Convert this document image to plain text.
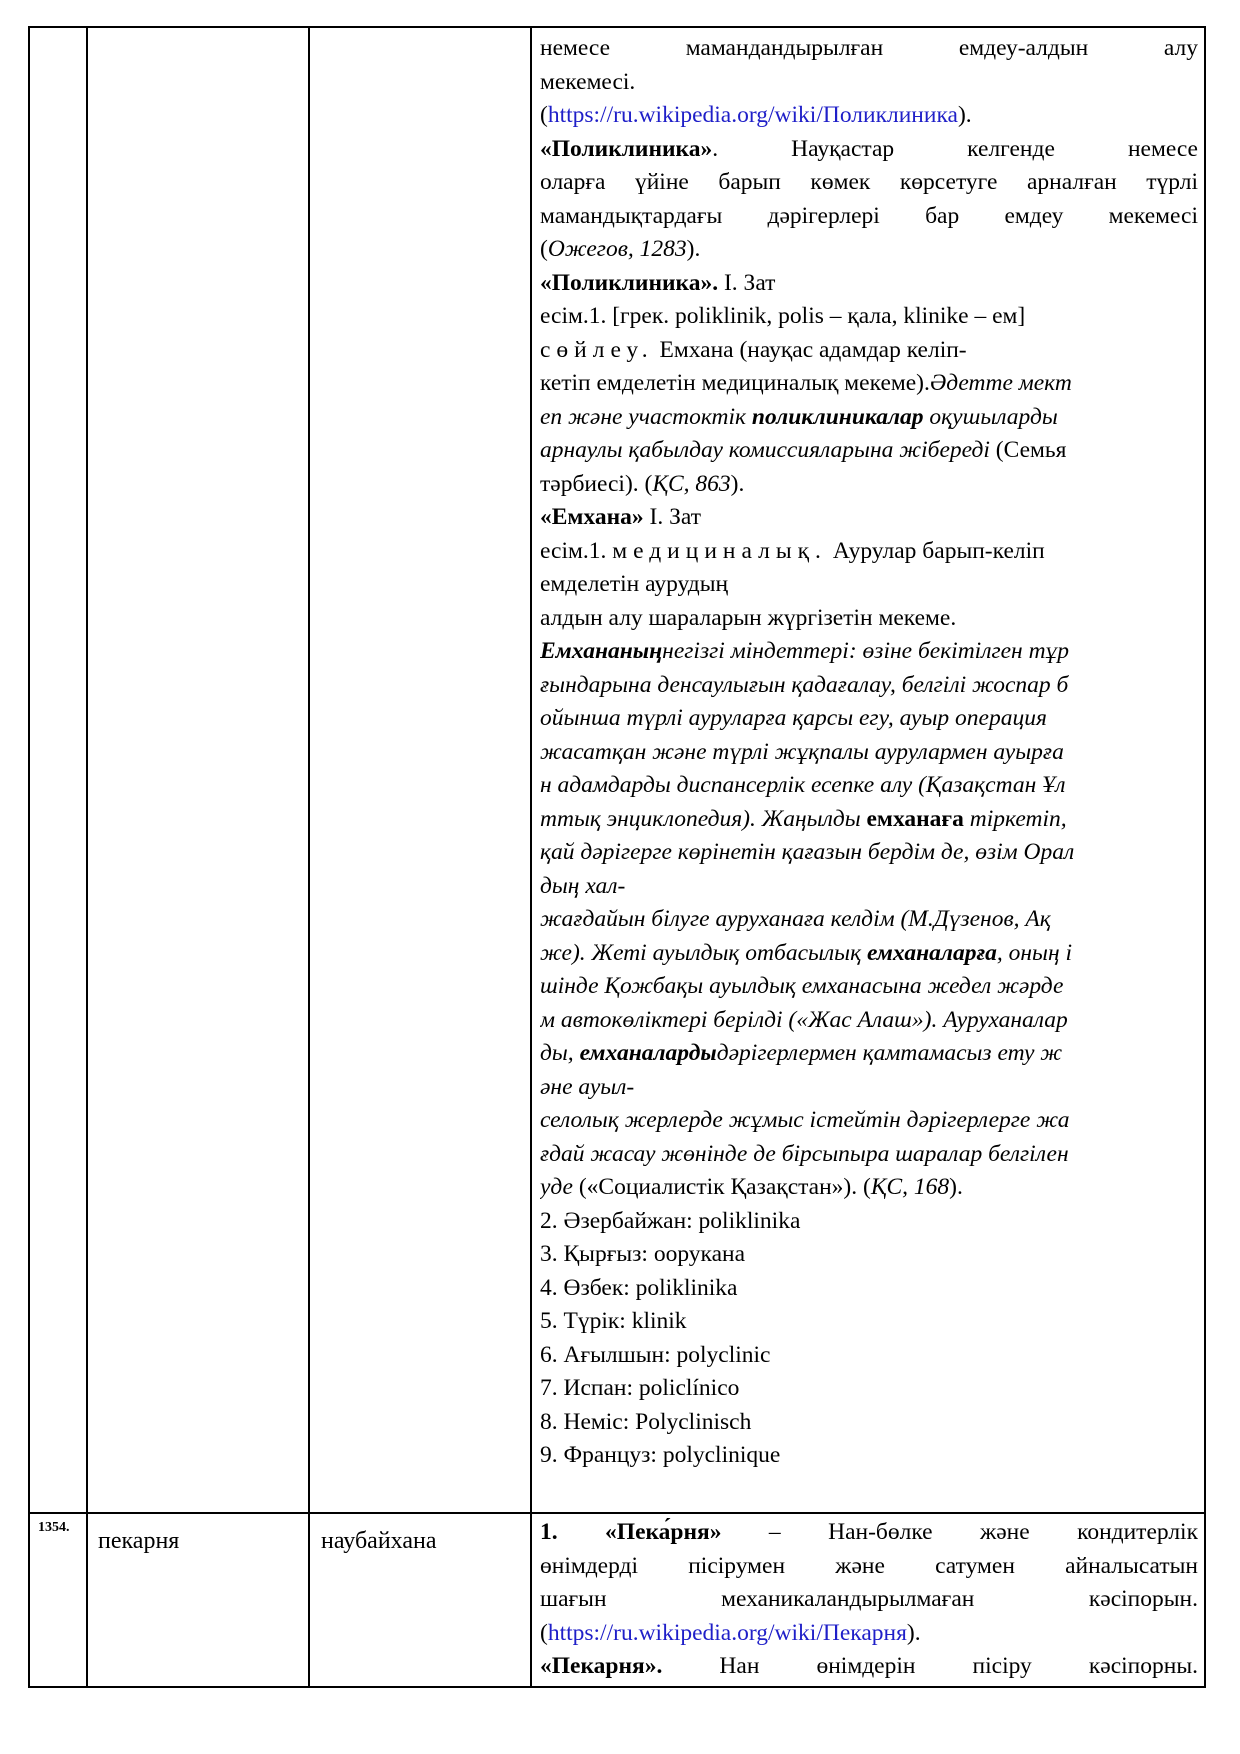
немесе мамандандырылған емдеу-алдын алу
мекемесі.
(https://ru.wikipedia.org/wiki/Поликлиника).
«Поликлиника». Науқастар келгенде немесе
оларға үйіне барып көмек көрсетуге арналған түрлі
мамандықтардағы дәрігерлері бар емдеу мекемесі
(Ожегов, 1283).
«Поликлиника». І. Зат
есім.1. [грек. poliklinik, polis – қала, klinike – ем]
сөйлеу. Емхана (науқас адамдар келіп-
кетіп емделетін медициналық мекеме).Әдетте мект
еп және участоктік поликлиникалар оқушыларды
арнаулы қабылдау комиссияларына жібереді (Семья
тәрбиесі). (ҚС, 863).
«Емхана» І. Зат
есім.1. медициналық. Аурулар барып-келіп
емделетін аурудың
алдын алу шараларын жүргізетін мекеме.
Емхананыңнегізгі міндеттері: өзіне бекітілген тұр
ғындарына денсаулығын қадағалау, белгілі жоспар б
ойынша түрлі ауруларға қарсы егу, ауыр операция
жасатқан және түрлі жұқпалы аурулармен ауырға
н адамдарды диспансерлік есепке алу (Қазақстан Ұл
ттық энциклопедия). Жаңылды емханаға тіркетіп,
қай дәрігерге көрінетін қағазын бердім де, өзім Орал
дың хал-
жағдайын білуге ауруханаға келдім (М.Дүзенов, Ақ
же). Жеті ауылдық отбасылық емханаларға, оның і
шінде Қожбақы ауылдық емханасына жедел жәрде
м автокөліктері берілді («Жас Алаш»). Ауруханалар
ды, емханалардыдәрігерлермен қамтамасыз ету ж
әне ауыл-
селолық жерлерде жұмыс істейтін дәрігерлерге жа
ғдай жасау жөнінде де бірсыпыра шаралар белгілен
уде («Социалистік Қазақстан»). (ҚС, 168).
2. Әзербайжан: poliklinika
3. Қырғыз: оорукана
4. Өзбек: poliklinika
5. Түрік: klinik
6. Ағылшын: polyclinic
7. Испан: policlínico
8. Неміс: Polyclinisch
9. Француз: polyclinique
1354.
пекарня	наубайхана	1. «Пека́рня» – Нан-бөлке және кондитерлік
өнімдерді пісірумен және сатумен айналысатын
шағын механикаландырылмаған кәсіпорын.
(https://ru.wikipedia.org/wiki/Пекарня).
«Пекарня». Нан өнімдерін пісіру кәсіпорны.
